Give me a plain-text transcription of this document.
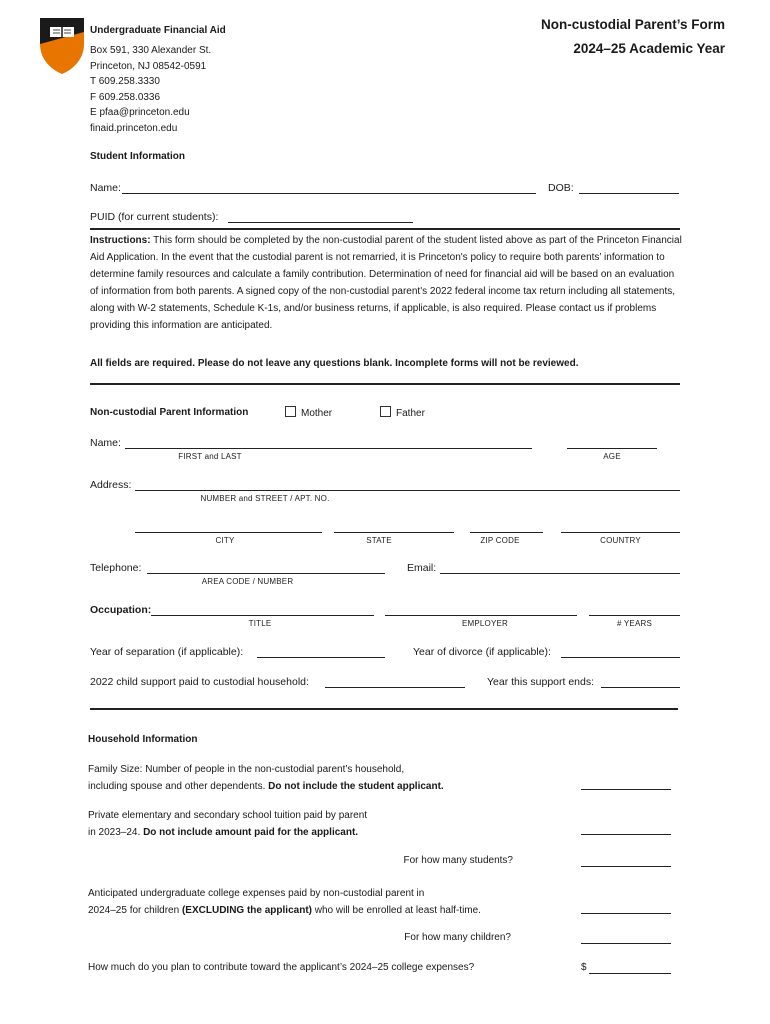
Undergraduate Financial Aid
Box 591, 330 Alexander St.
Princeton, NJ 08542-0591
T 609.258.3330
F 609.258.0336
E pfaa@princeton.edu
finaid.princeton.edu
Non-custodial Parent’s Form
2024–25 Academic Year
Student Information
Name:	DOB:
PUID (for current students):
Instructions: This form should be completed by the non-custodial parent of the student listed above as part of the Princeton Financial Aid Application. In the event that the custodial parent is not remarried, it is Princeton's policy to require both parents’ information to determine family resources and calculate a family contribution. Determination of need for financial aid will be based on an evaluation of information from both parents. A signed copy of the non-custodial parent's 2022 federal income tax return including all statements, along with W-2 statements, Schedule K-1s, and/or business returns, if applicable, is also required. Please contact us if problems providing this information are anticipated.
All fields are required. Please do not leave any questions blank. Incomplete forms will not be reviewed.
Non-custodial Parent Information	Mother	Father
Name:
FIRST and LAST	AGE
Address:
NUMBER and STREET / APT. NO.
CITY	STATE	ZIP CODE	COUNTRY
Telephone:	Email:
AREA CODE / NUMBER
Occupation:
TITLE	EMPLOYER	# YEARS
Year of separation (if applicable):	Year of divorce (if applicable):
2022 child support paid to custodial household:	Year this support ends:
Household Information
Family Size: Number of people in the non-custodial parent’s household,
including spouse and other dependents. Do not include the student applicant.
Private elementary and secondary school tuition paid by parent
in 2023–24. Do not include amount paid for the applicant.
For how many students?
Anticipated undergraduate college expenses paid by non-custodial parent in
2024–25 for children (EXCLUDING the applicant) who will be enrolled at least half-time.
For how many children?
How much do you plan to contribute toward the applicant’s 2024–25 college expenses?	$
